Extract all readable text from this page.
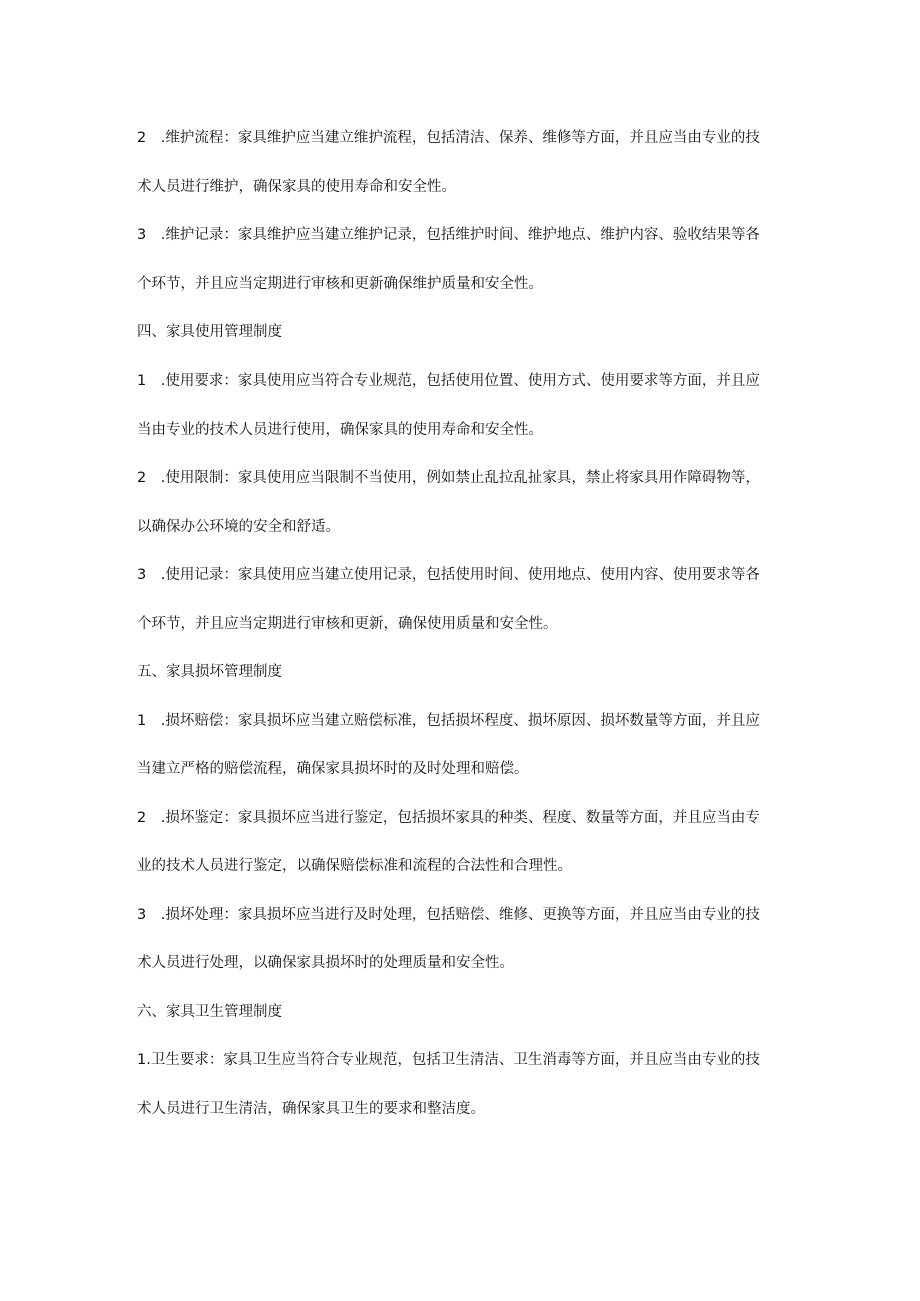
2　.维护流程：家具维护应当建立维护流程，包括清洁、保养、维修等方面，并且应当由专业的技
术人员进行维护，确保家具的使用寿命和安全性。
3　.维护记录：家具维护应当建立维护记录，包括维护时间、维护地点、维护内容、验收结果等各
个环节，并且应当定期进行审核和更新确保维护质量和安全性。
四、家具使用管理制度
1　.使用要求：家具使用应当符合专业规范，包括使用位置、使用方式、使用要求等方面，并且应
当由专业的技术人员进行使用，确保家具的使用寿命和安全性。
2　.使用限制：家具使用应当限制不当使用，例如禁止乱拉乱扯家具，禁止将家具用作障碍物等，
以确保办公环境的安全和舒适。
3　.使用记录：家具使用应当建立使用记录，包括使用时间、使用地点、使用内容、使用要求等各
个环节，并且应当定期进行审核和更新，确保使用质量和安全性。
五、家具损坏管理制度
1　.损坏赔偿：家具损坏应当建立赔偿标准，包括损坏程度、损坏原因、损坏数量等方面，并且应
当建立严格的赔偿流程，确保家具损坏时的及时处理和赔偿。
2　.损坏鉴定：家具损坏应当进行鉴定，包括损坏家具的种类、程度、数量等方面，并且应当由专
业的技术人员进行鉴定，以确保赔偿标准和流程的合法性和合理性。
3　.损坏处理：家具损坏应当进行及时处理，包括赔偿、维修、更换等方面，并且应当由专业的技
术人员进行处理，以确保家具损坏时的处理质量和安全性。
六、家具卫生管理制度
1.卫生要求：家具卫生应当符合专业规范，包括卫生清洁、卫生消毒等方面，并且应当由专业的技
术人员进行卫生清洁，确保家具卫生的要求和整洁度。
